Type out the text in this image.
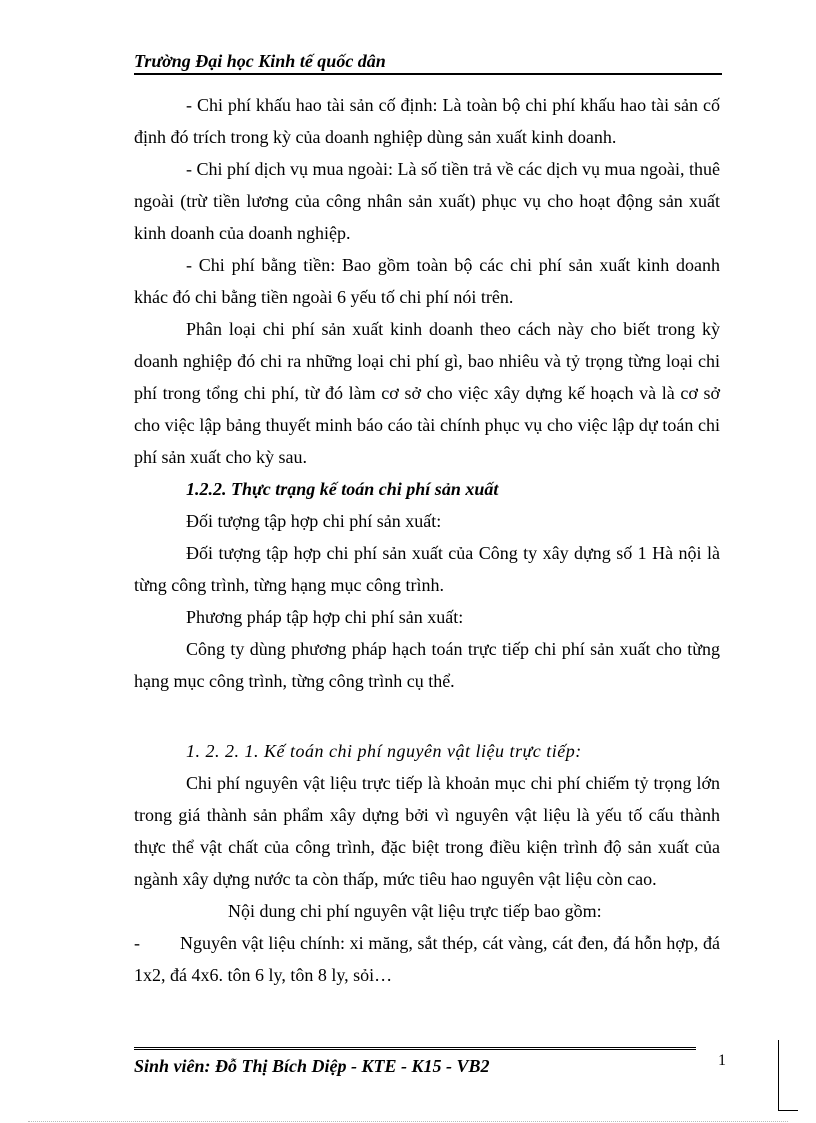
Trường Đại học Kinh tế quốc dân

- Chi phí khấu hao tài sản cố định: Là toàn bộ chi phí khấu hao tài sản cố định đó trích trong kỳ của doanh nghiệp dùng sản xuất kinh doanh.

- Chi phí dịch vụ mua ngoài: Là số tiền trả về các dịch vụ mua ngoài, thuê ngoài (trừ tiền lương của công nhân sản xuất) phục vụ cho hoạt động sản xuất kinh doanh của doanh nghiệp.

- Chi phí bằng tiền: Bao gồm toàn bộ các chi phí sản xuất kinh doanh khác đó chi bằng tiền ngoài 6 yếu tố chi phí nói trên.

Phân loại chi phí sản xuất kinh doanh theo cách này cho biết trong kỳ doanh nghiệp đó chi ra những loại chi phí gì, bao nhiêu và tỷ trọng từng loại chi phí trong tổng chi phí, từ đó làm cơ sở cho việc xây dựng kế hoạch và là cơ sở cho việc lập bảng thuyết minh báo cáo tài chính phục vụ cho việc lập dự toán chi phí sản xuất cho kỳ sau.

1.2.2. Thực trạng kế toán chi phí sản xuất

Đối tượng tập hợp chi phí sản xuất:

Đối tượng tập hợp chi phí sản xuất của Công ty xây dựng số 1 Hà nội là từng công trình, từng hạng mục công trình.

Phương pháp tập hợp chi phí sản xuất:

Công ty dùng phương pháp hạch toán trực tiếp chi phí sản xuất cho từng hạng mục công trình, từng công trình cụ thể.

1. 2. 2. 1. Kế toán chi phí nguyên vật liệu trực tiếp:

Chi phí nguyên vật liệu trực tiếp là khoản mục chi phí chiếm tỷ trọng lớn trong giá thành sản phẩm xây dựng bởi vì nguyên vật liệu là yếu tố cấu thành thực thể vật chất của công trình, đặc biệt trong điều kiện trình độ sản xuất của ngành xây dựng nước ta còn thấp, mức tiêu hao nguyên vật liệu còn cao.

Nội dung chi phí nguyên vật liệu trực tiếp bao gồm:

- Nguyên vật liệu chính: xi măng, sắt thép, cát vàng, cát đen, đá hỗn hợp, đá 1x2, đá 4x6. tôn 6 ly, tôn 8 ly, sỏi…

Sinh viên: Đỗ Thị Bích Diệp - KTE - K15 - VB2	1
